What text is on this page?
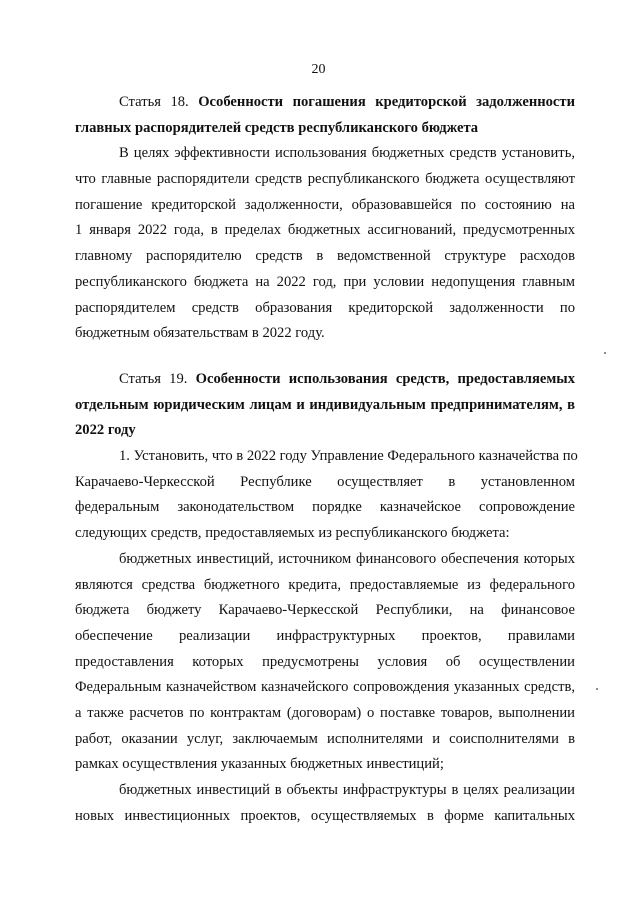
20
Статья 18. Особенности погашения кредиторской задолженности
главных распорядителей средств республиканского бюджета
В целях эффективности использования бюджетных средств установить,
что главные распорядители средств республиканского бюджета осуществляют
погашение кредиторской задолженности, образовавшейся по состоянию на
1 января 2022 года, в пределах бюджетных ассигнований, предусмотренных
главному распорядителю средств в ведомственной структуре расходов
республиканского бюджета на 2022 год, при условии недопущения главным
распорядителем средств образования кредиторской задолженности по
бюджетным обязательствам в 2022 году.
Статья 19. Особенности использования средств, предоставляемых
отдельным юридическим лицам и индивидуальным предпринимателям, в
2022 году
1. Установить, что в 2022 году Управление Федерального казначейства по
Карачаево-Черкесской Республике осуществляет в установленном
федеральным законодательством порядке казначейское сопровождение
следующих средств, предоставляемых из республиканского бюджета:
бюджетных инвестиций, источником финансового обеспечения которых
являются средства бюджетного кредита, предоставляемые из федерального
бюджета бюджету Карачаево-Черкесской Республики, на финансовое
обеспечение реализации инфраструктурных проектов, правилами
предоставления которых предусмотрены условия об осуществлении
Федеральным казначейством казначейского сопровождения указанных средств,
а также расчетов по контрактам (договорам) о поставке товаров, выполнении
работ, оказании услуг, заключаемым исполнителями и соисполнителями в
рамках осуществления указанных бюджетных инвестиций;
бюджетных инвестиций в объекты инфраструктуры в целях реализации
новых инвестиционных проектов, осуществляемых в форме капитальных
